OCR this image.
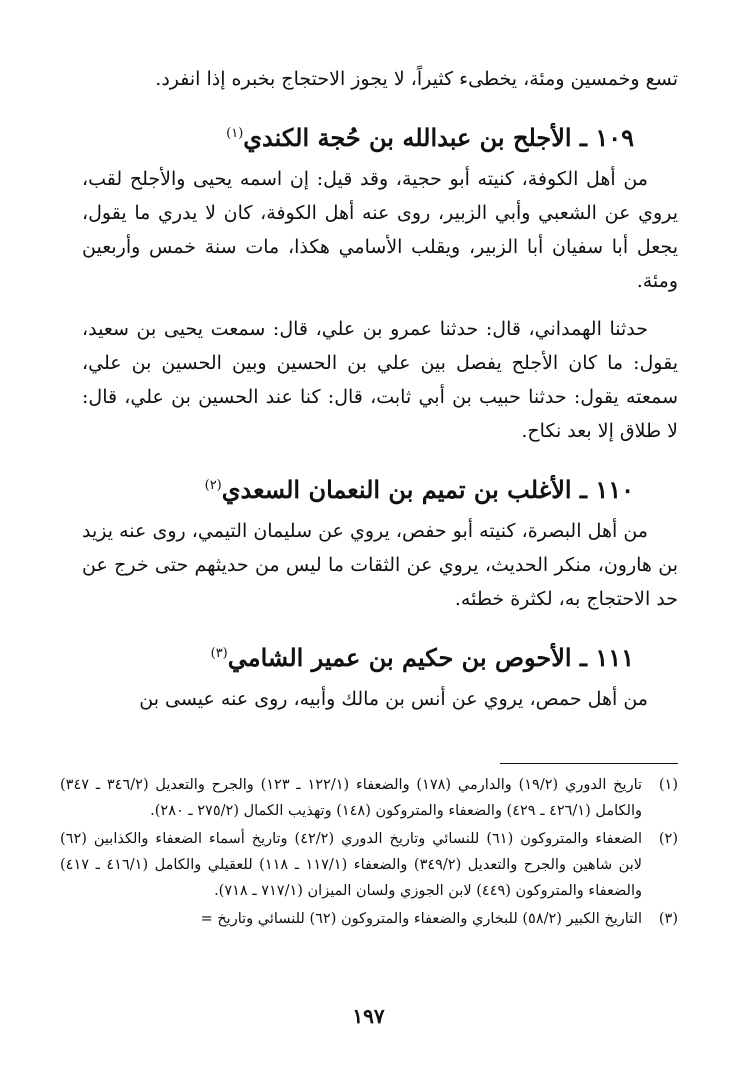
تسع وخمسين ومئة، يخطىء كثيراً، لا يجوز الاحتجاج بخبره إذا انفرد.

١٠٩ ـ الأجلح بن عبدالله بن حُجة الكندي$^{(١)}$

من أهل الكوفة، كنيته أبو حجية، وقد قيل: إن اسمه يحيى والأجلح لقب، يروي عن الشعبي وأبي الزبير، روى عنه أهل الكوفة، كان لا يدري ما يقول، يجعل أبا سفيان أبا الزبير، ويقلب الأسامي هكذا، مات سنة خمس وأربعين ومئة.

حدثنا الهمداني، قال: حدثنا عمرو بن علي، قال: سمعت يحيى بن سعيد، يقول: ما كان الأجلح يفصل بين علي بن الحسين وبين الحسين بن علي، سمعته يقول: حدثنا حبيب بن أبي ثابت، قال: كنا عند الحسين بن علي، قال: لا طلاق إلا بعد نكاح.

١١٠ ـ الأغلب بن تميم بن النعمان السعدي$^{(٢)}$

من أهل البصرة، كنيته أبو حفص، يروي عن سليمان التيمي، روى عنه يزيد بن هارون، منكر الحديث، يروي عن الثقات ما ليس من حديثهم حتى خرج عن حد الاحتجاج به، لكثرة خطئه.

١١١ ـ الأحوص بن حكيم بن عمير الشامي$^{(٣)}$

من أهل حمص، يروي عن أنس بن مالك وأبيه، روى عنه عيسى بن

(١)
تاريخ الدوري (١٩/٢) والدارمي (١٧٨) والضعفاء (١٢٢/١ ـ ١٢٣) والجرح والتعديل (٣٤٦/٢ ـ ٣٤٧) والكامل (٤٢٦/١ ـ ٤٢٩) والضعفاء والمتروكون (١٤٨) وتهذيب الكمال (٢٧٥/٢ ـ ٢٨٠).
(٢)
الضعفاء والمتروكون (٦١) للنسائي وتاريخ الدوري (٤٢/٢) وتاريخ أسماء الضعفاء والكذابين (٦٢) لابن شاهين والجرح والتعديل (٣٤٩/٢) والضعفاء (١١٧/١ ـ ١١٨) للعقيلي والكامل (٤١٦/١ ـ ٤١٧) والضعفاء والمتروكون (٤٤٩) لابن الجوزي ولسان الميزان (٧١٧/١ ـ ٧١٨).
(٣)
التاريخ الكبير (٥٨/٢) للبخاري والضعفاء والمتروكون (٦٢) للنسائي وتاريخ =
١٩٧
